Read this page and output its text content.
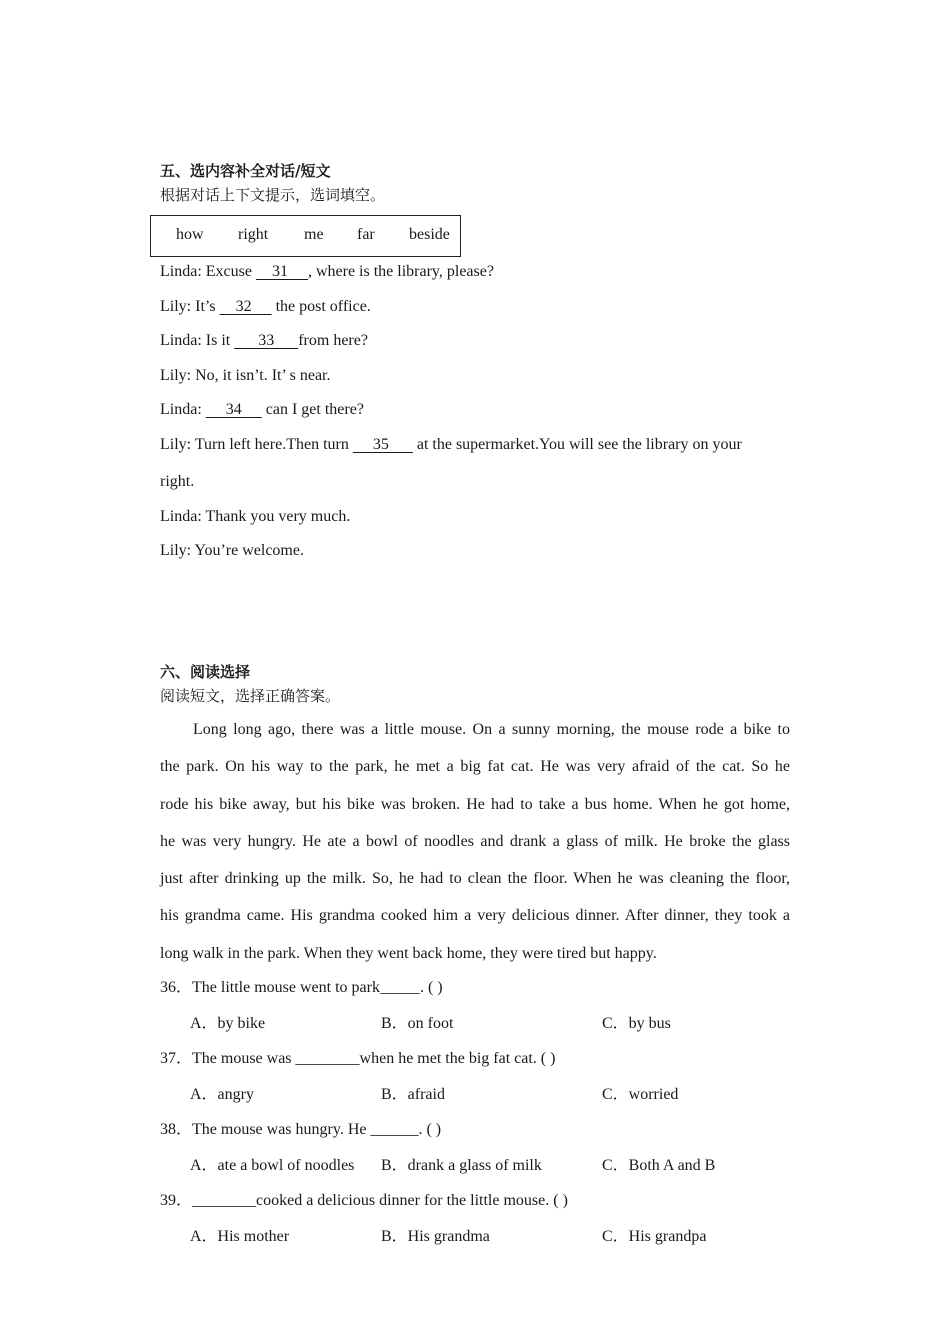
五、选内容补全对话/短文
根据对话上下文提示，选词填空。
how right me far beside
Linda: Excuse     31     , where is the library, please?
Lily: It’s     32      the post office.
Linda: Is it       33      from here?
Lily: No, it isn’t. It’ s near.
Linda:      34      can I get there?
Lily: Turn left here.Then turn      35       at the supermarket.You will see the library on your
right.
Linda: Thank you very much.
Lily: You’re welcome.
六、阅读选择
阅读短文，选择正确答案。
Long long ago, there was a little mouse. On a sunny morning, the mouse rode a bike to
the park. On his way to the park, he met a big fat cat. He was very afraid of the cat. So he
rode his bike away, but his bike was broken. He had to take a bus home. When he got home,
he was very hungry. He ate a bowl of noodles and drank a glass of milk. He broke the glass
just after drinking up the milk. So, he had to clean the floor. When he was cleaning the floor,
his grandma came. His grandma cooked him a very delicious dinner. After dinner, they took a
long walk in the park. When they went back home, they were tired but happy.
36．The little mouse went to park_____. ( )
A．by bike	B．on foot	C．by bus
37．The mouse was ________when he met the big fat cat. ( )
A．angry	B．afraid	C．worried
38．The mouse was hungry. He ______. ( )
A．ate a bowl of noodles B．drank a glass of milk	C．Both A and B
39．________cooked a delicious dinner for the little mouse. ( )
A．His mother	B．His grandma	C．His grandpa
